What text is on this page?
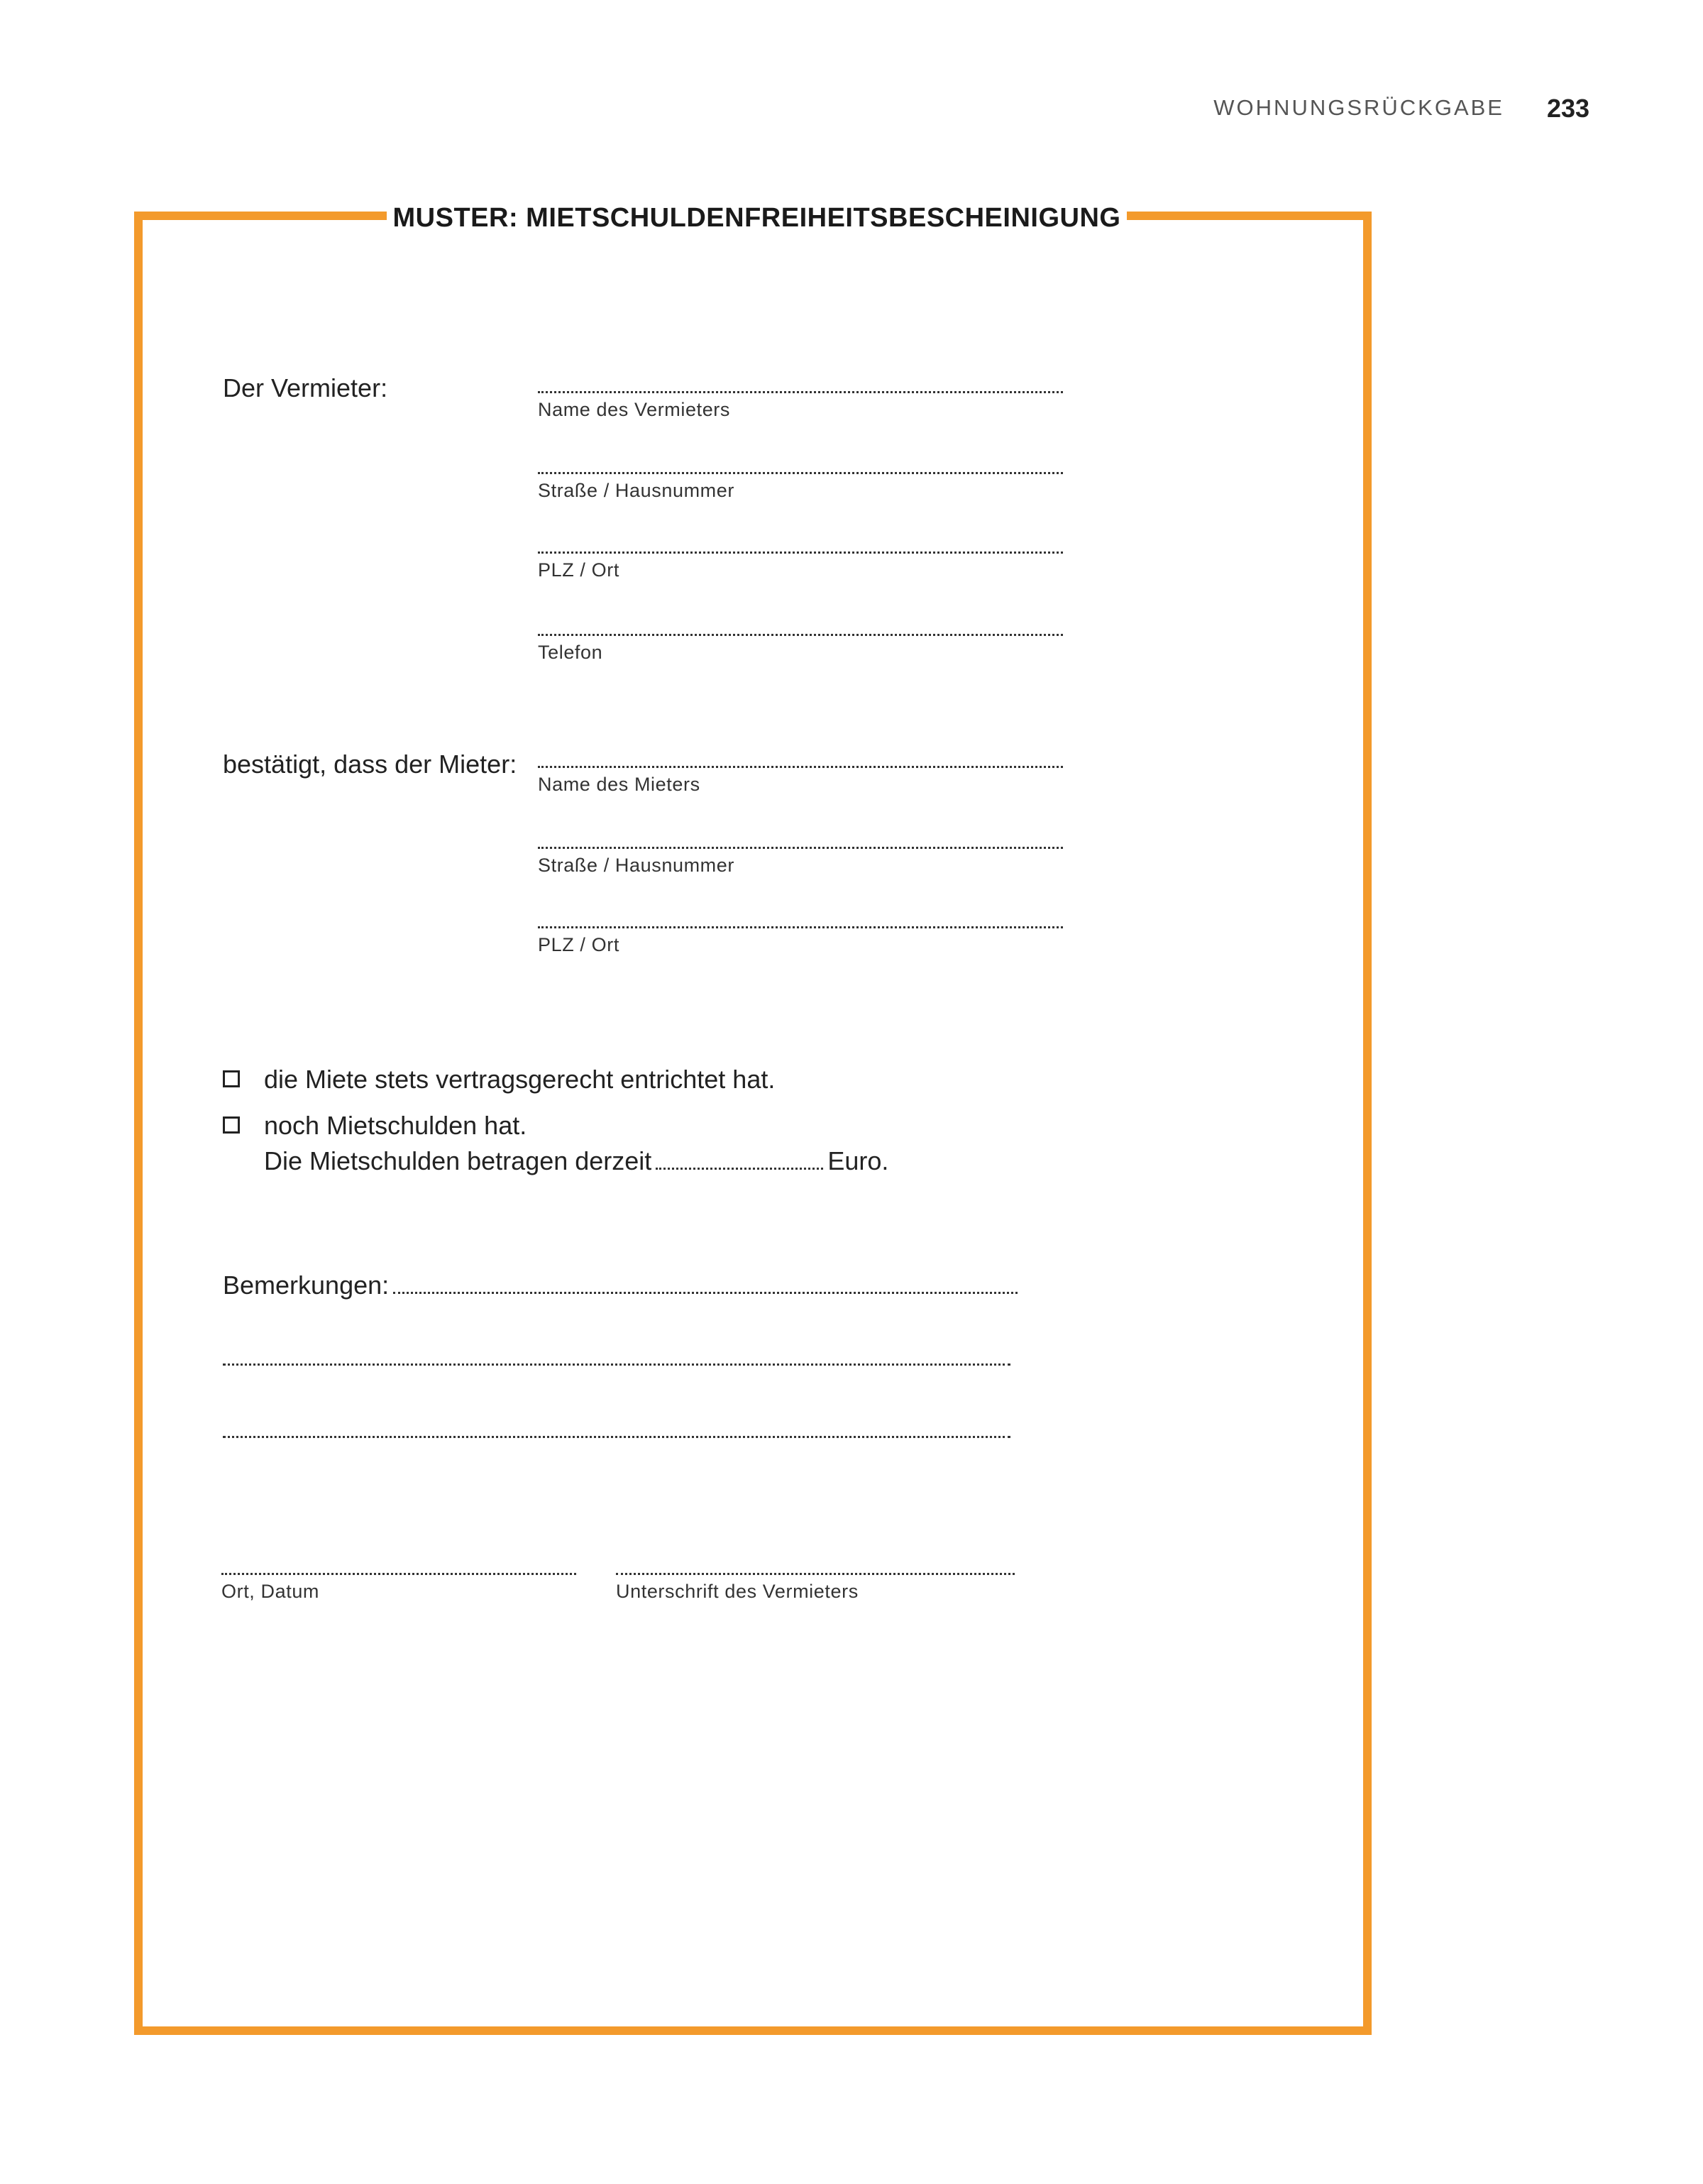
WOHNUNGSRÜCKGABE 233
MUSTER: MIETSCHULDENFREIHEITSBESCHEINIGUNG
Der Vermieter:
Name des Vermieters
Straße / Hausnummer
PLZ / Ort
Telefon
bestätigt, dass der Mieter:
Name des Mieters
Straße / Hausnummer
PLZ / Ort
die Miete stets vertragsgerecht entrichtet hat.
noch Mietschulden hat.
Die Mietschulden betragen derzeit	Euro.
Bemerkungen:
Ort, Datum	Unterschrift des Vermieters
